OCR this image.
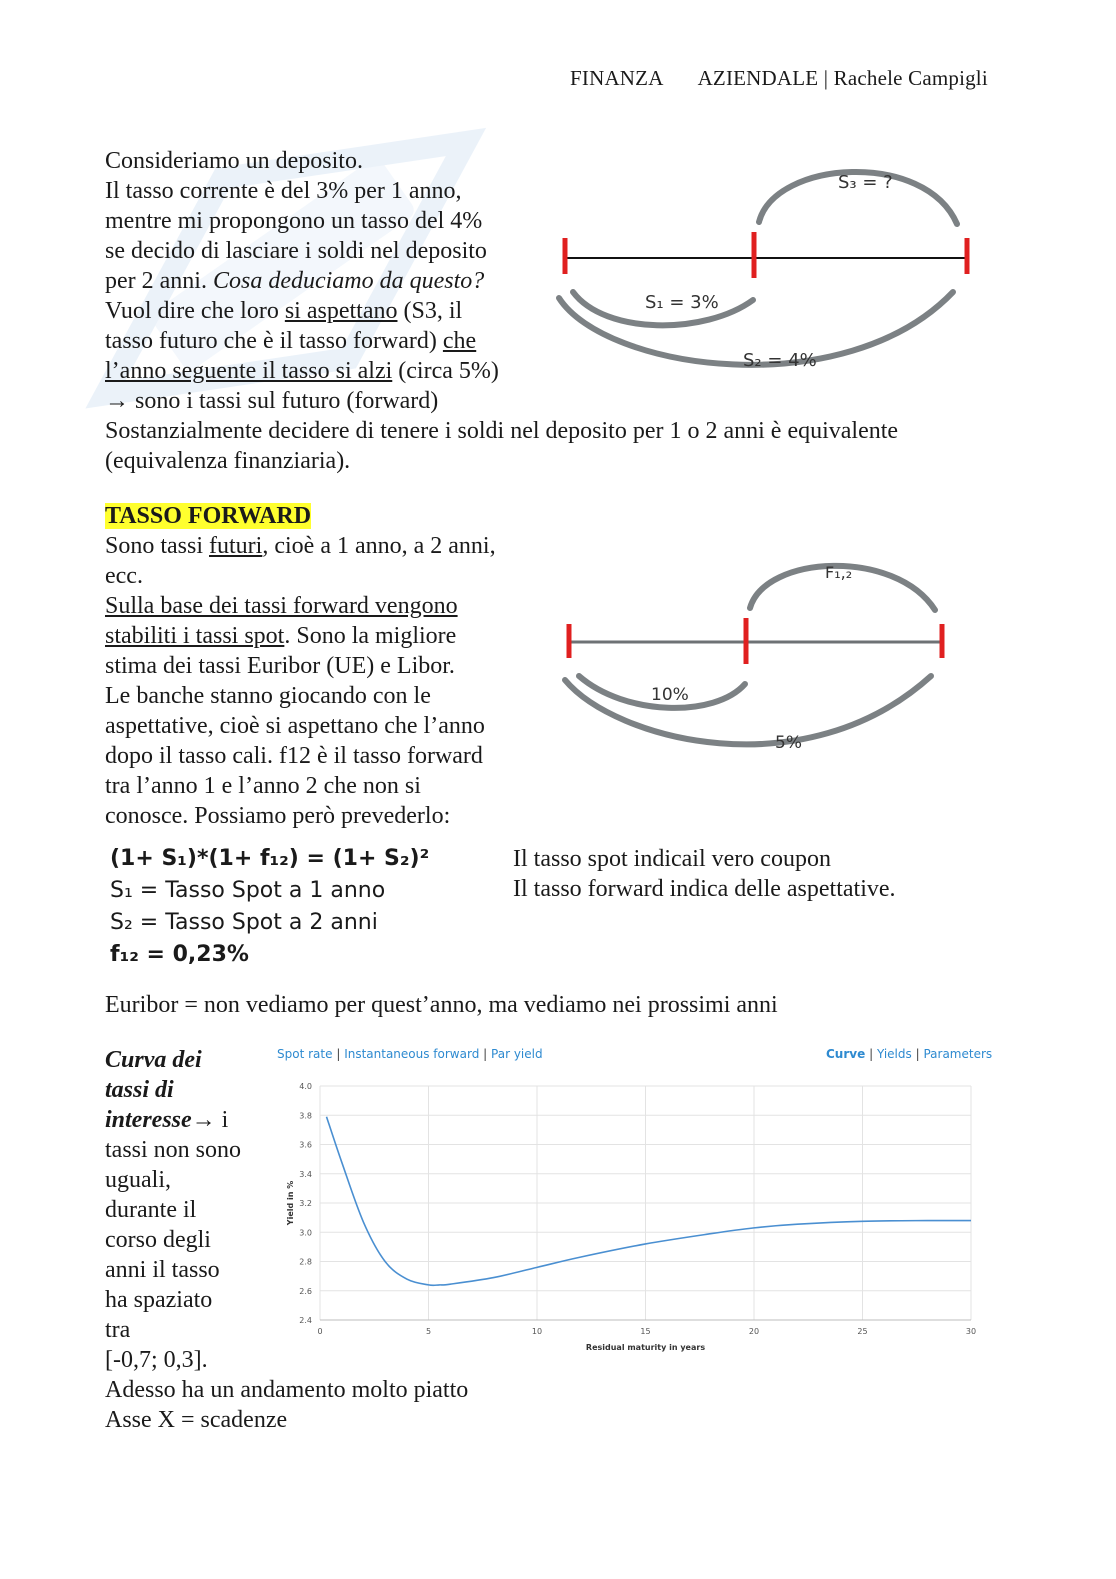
FINANZA AZIENDALE | Rachele Campigli
Consideriamo un deposito.
Il tasso corrente è del 3% per 1 anno,
mentre mi propongono un tasso del 4%
se decido di lasciare i soldi nel deposito
per 2 anni. Cosa deduciamo da questo?
Vuol dire che loro si aspettano (S3, il
tasso futuro che è il tasso forward) che
l’anno seguente il tasso si alzi (circa 5%)
→ sono i tassi sul futuro (forward)
Sostanzialmente decidere di tenere i soldi nel deposito per 1 o 2 anni è equivalente
(equivalenza finanziaria).
S₃ = ?
S₁ = 3%
S₂ = 4%
TASSO FORWARD
Sono tassi futuri, cioè a 1 anno, a 2 anni,
ecc.
Sulla base dei tassi forward vengono
stabiliti i tassi spot. Sono la migliore
stima dei tassi Euribor (UE) e Libor.
Le banche stanno giocando con le
aspettative, cioè si aspettano che l’anno
dopo il tasso cali. f12 è il tasso forward
tra l’anno 1 e l’anno 2 che non si
conosce. Possiamo però prevederlo:
F₁,₂
10%
5%
(1+ S₁)*(1+ f₁₂) = (1+ S₂)²
S₁ = Tasso Spot a 1 anno
S₂ = Tasso Spot a 2 anni
f₁₂ = 0,23%
Il tasso spot indicail vero coupon
Il tasso forward indica delle aspettative.
Euribor = non vediamo per quest’anno, ma vediamo nei prossimi anni
Curva dei
tassi di
interesse→ i
tassi non sono
uguali,
durante il
corso degli
anni il tasso
ha spaziato
tra
[-0,7; 0,3].
Adesso ha un andamento molto piatto
Asse X = scadenze
Spot rate | Instantaneous forward | Par yield	Curve | Yields | Parameters
2.4
2.6
2.8
3.0
3.2
3.4
3.6
3.8
4.0
0	5	10	15	20	25	30
Yield in %
Residual maturity in years
